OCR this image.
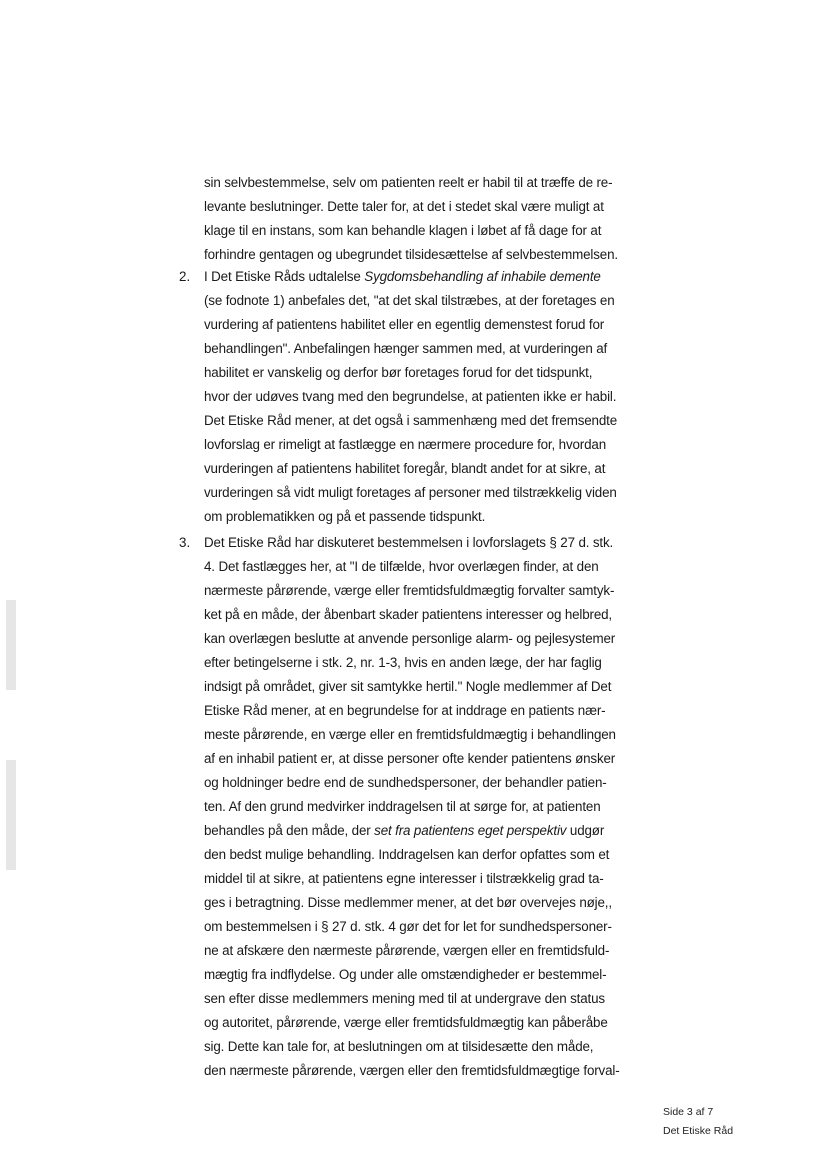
sin selvbestemmelse, selv om patienten reelt er habil til at træffe de re-
levante beslutninger. Dette taler for, at det i stedet skal være muligt at
klage til en instans, som kan behandle klagen i løbet af få dage for at
forhindre gentagen og ubegrundet tilsidesættelse af selvbestemmelsen.
2. I Det Etiske Råds udtalelse Sygdomsbehandling af inhabile demente
(se fodnote 1) anbefales det, "at det skal tilstræbes, at der foretages en
vurdering af patientens habilitet eller en egentlig demenstest forud for
behandlingen". Anbefalingen hænger sammen med, at vurderingen af
habilitet er vanskelig og derfor bør foretages forud for det tidspunkt,
hvor der udøves tvang med den begrundelse, at patienten ikke er habil.
Det Etiske Råd mener, at det også i sammenhæng med det fremsendte
lovforslag er rimeligt at fastlægge en nærmere procedure for, hvordan
vurderingen af patientens habilitet foregår, blandt andet for at sikre, at
vurderingen så vidt muligt foretages af personer med tilstrækkelig viden
om problematikken og på et passende tidspunkt.
3. Det Etiske Råd har diskuteret bestemmelsen i lovforslagets § 27 d. stk.
4. Det fastlægges her, at "I de tilfælde, hvor overlægen finder, at den
nærmeste pårørende, værge eller fremtidsfuldmægtig forvalter samtyk-
ket på en måde, der åbenbart skader patientens interesser og helbred,
kan overlægen beslutte at anvende personlige alarm- og pejlesystemer
efter betingelserne i stk. 2, nr. 1-3, hvis en anden læge, der har faglig
indsigt på området, giver sit samtykke hertil." Nogle medlemmer af Det
Etiske Råd mener, at en begrundelse for at inddrage en patients nær-
meste pårørende, en værge eller en fremtidsfuldmægtig i behandlingen
af en inhabil patient er, at disse personer ofte kender patientens ønsker
og holdninger bedre end de sundhedspersoner, der behandler patien-
ten. Af den grund medvirker inddragelsen til at sørge for, at patienten
behandles på den måde, der set fra patientens eget perspektiv udgør
den bedst mulige behandling. Inddragelsen kan derfor opfattes som et
middel til at sikre, at patientens egne interesser i tilstrækkelig grad ta-
ges i betragtning. Disse medlemmer mener, at det bør overvejes nøje,,
om bestemmelsen i § 27 d. stk. 4 gør det for let for sundhedspersoner-
ne at afskære den nærmeste pårørende, værgen eller en fremtidsfuld-
mægtig fra indflydelse. Og under alle omstændigheder er bestemmel-
sen efter disse medlemmers mening med til at undergrave den status
og autoritet, pårørende, værge eller fremtidsfuldmægtig kan påberåbe
sig. Dette kan tale for, at beslutningen om at tilsidesætte den måde,
den nærmeste pårørende, værgen eller den fremtidsfuldmægtige forval-
Side 3 af 7
Det Etiske Råd
